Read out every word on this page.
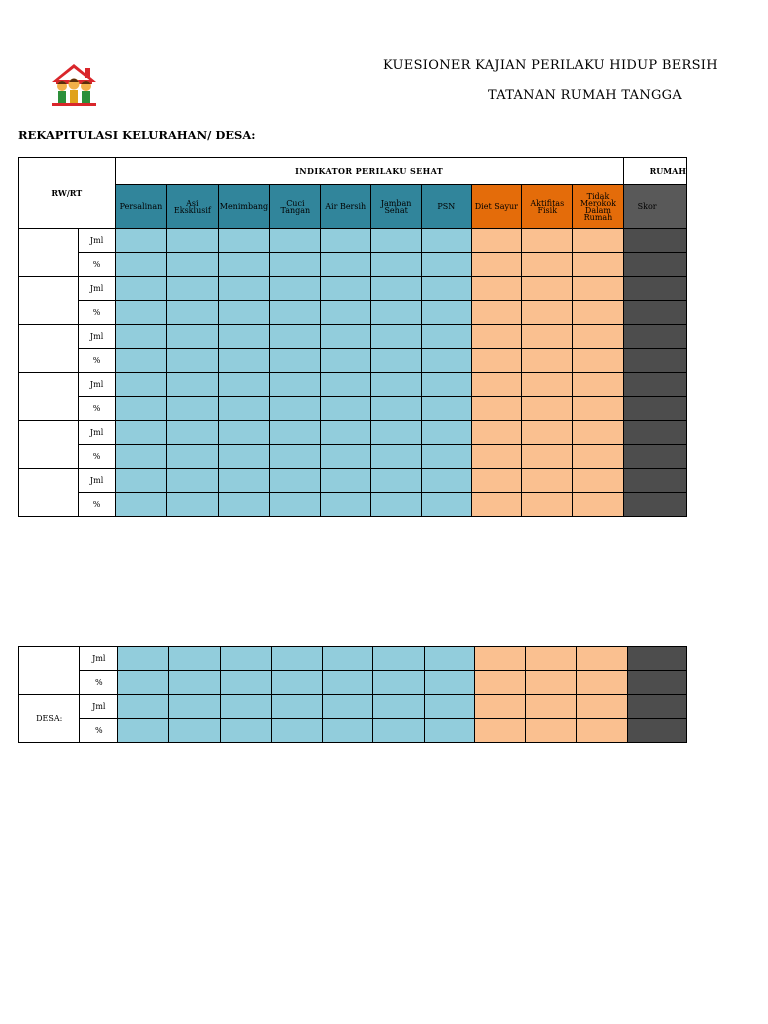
KUESIONER KAJIAN PERILAKU HIDUP BERSIH
TATANAN RUMAH TANGGA
REKAPITULASI KELURAHAN/ DESA:
RW/RT		INDIKATOR PERILAKU SEHAT										RUMAH
		Persalinan	Asi Eksklusif	Menimbang	Cuci Tangan	Air Bersih	Jamban Sehat	PSN	Diet Sayur	Aktifitas Fisik	Tidak Merokok Dalam Rumah	Skor
	Jml											
	%											
	Jml											
	%											
	Jml											
	%											
	Jml											
	%											
	Jml											
	%											
	Jml											
	%											
	Jml											
	%											
DESA:	Jml											
	%											
